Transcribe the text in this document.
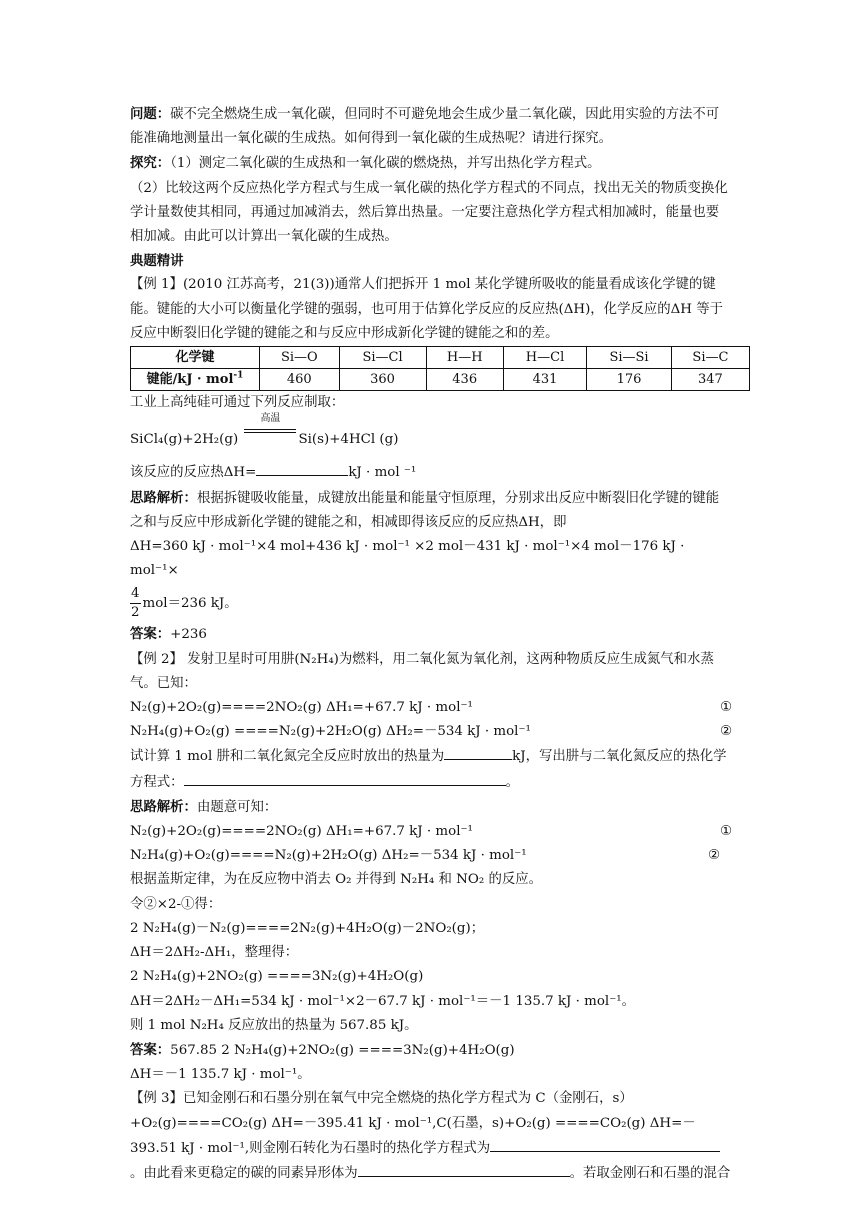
问题：碳不完全燃烧生成一氧化碳，但同时不可避免地会生成少量二氧化碳，因此用实验的方法不可能准确地测量出一氧化碳的生成热。如何得到一氧化碳的生成热呢？请进行探究。

探究：（1）测定二氧化碳的生成热和一氧化碳的燃烧热，并写出热化学方程式。

（2）比较这两个反应热化学方程式与生成一氧化碳的热化学方程式的不同点，找出无关的物质变换化学计量数使其相同，再通过加减消去，然后算出热量。一定要注意热化学方程式相加减时，能量也要相加减。由此可以计算出一氧化碳的生成热。

典题精讲

【例 1】(2010 江苏高考，21(3))通常人们把拆开 1 mol 某化学键所吸收的能量看成该化学键的键能。键能的大小可以衡量化学键的强弱，也可用于估算化学反应的反应热(ΔH)，化学反应的ΔH 等于反应中断裂旧化学键的键能之和与反应中形成新化学键的键能之和的差。

化学键	Si—O	Si—Cl	H—H	H—Cl	Si—Si	Si—C
键能/kJ · mol$^{-1}$	460	360	436	431	176	347

工业上高纯硅可通过下列反应制取：

SiCl₄(g)+2H₂(g)
高温
Si(s)+4HCl (g)

该反应的反应热ΔH=	kJ · mol ⁻¹

思路解析：根据拆键吸收能量，成键放出能量和能量守恒原理，分别求出反应中断裂旧化学键的键能之和与反应中形成新化学键的键能之和，相减即得该反应的反应热ΔH，即

ΔH=360 kJ · mol⁻¹×4 mol+436 kJ · mol⁻¹ ×2 mol－431 kJ · mol⁻¹×4 mol－176 kJ · mol⁻¹×

$\frac{4}{2} mol=236$ kJ。

答案：+236

【例 2】 发射卫星时可用肼(N₂H₄)为燃料，用二氧化氮为氧化剂，这两种物质反应生成氮气和水蒸气。已知：

N₂(g)+2O₂(g)====2NO₂(g) ΔH₁=+67.7 kJ · mol⁻¹	①

N₂H₄(g)+O₂(g) ====N₂(g)+2H₂O(g) ΔH₂=－534 kJ · mol⁻¹	②

试计算 1 mol 肼和二氧化氮完全反应时放出的热量为	kJ，写出肼与二氧化氮反应的热化学方程式：	。

思路解析：由题意可知：

N₂(g)+2O₂(g)====2NO₂(g) ΔH₁=+67.7 kJ · mol⁻¹	①

N₂H₄(g)+O₂(g)====N₂(g)+2H₂O(g) ΔH₂=－534 kJ · mol⁻¹	②

根据盖斯定律，为在反应物中消去 O₂ 并得到 N₂H₄ 和 NO₂ 的反应。

令②×2-①得：

2 N₂H₄(g)－N₂(g)====2N₂(g)+4H₂O(g)－2NO₂(g)；

ΔH＝2ΔH₂-ΔH₁，整理得：

2 N₂H₄(g)+2NO₂(g) ====3N₂(g)+4H₂O(g)

ΔH＝2ΔH₂－ΔH₁=534 kJ · mol⁻¹×2－67.7 kJ · mol⁻¹＝－1 135.7 kJ · mol⁻¹。

则 1 mol N₂H₄ 反应放出的热量为 567.85 kJ。

答案：567.85 2 N₂H₄(g)+2NO₂(g) ====3N₂(g)+4H₂O(g)

ΔH＝－1 135.7 kJ · mol⁻¹。

【例 3】已知金刚石和石墨分别在氧气中完全燃烧的热化学方程式为 C（金刚石，s）+O₂(g)====CO₂(g) ΔH=－395.41 kJ · mol⁻¹,C(石墨，s)+O₂(g) ====CO₂(g) ΔH=－393.51 kJ · mol⁻¹,则金刚石转化为石墨时的热化学方程式为。由此看来更稳定的碳的同素异形体为	。若取金刚石和石墨的混合
